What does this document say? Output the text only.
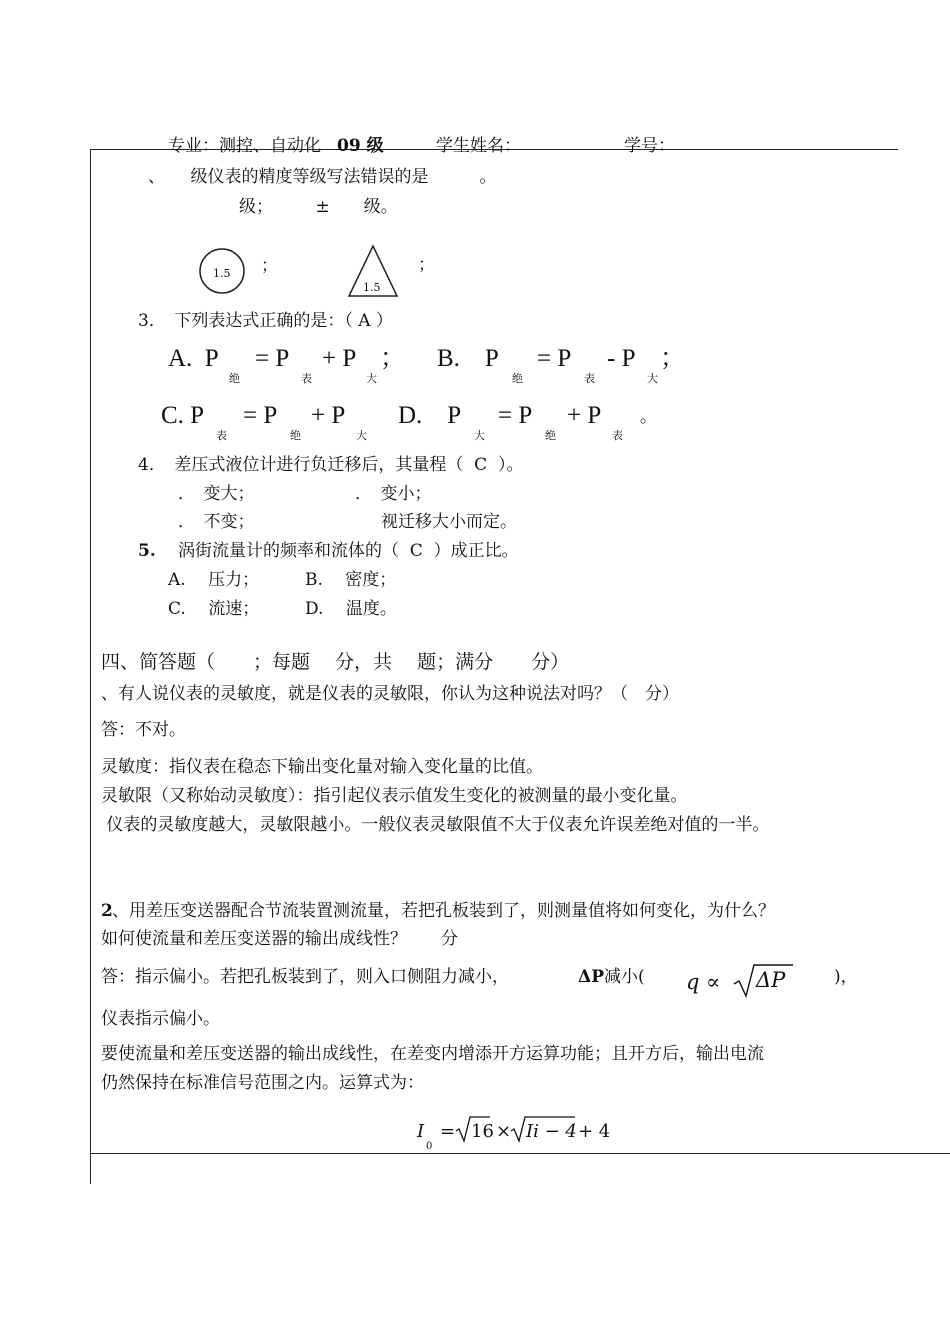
专业：测控、自动化 09 级	学生姓名：	学号：
、　　级仪表的精度等级写法错误的是　　　。
级；　　　±　　级。
1.5 ；
1.5
；
3．　下列表达式正确的是：（ A ）
A.  P
绝
= P
表
+ P
大
； B.    P
绝
= P
表
- P
大
；
C. P
表
= P
绝
+ P
大
D.    P
大
= P
绝
+ P
表
。
4．　差压式液位计进行负迁移后，其量程（  C  ）。
．　变大；	．　变小；
．　不变；	视迁移大小而定。
5. 涡街流量计的频率和流体的（  C  ）成正比。
A.　 压力；	B.　 密度；
C.　 流速；	D.　 温度。
四、简答题（　　；每题　 分，共　 题；满分　　分）
、有人说仪表的灵敏度，就是仪表的灵敏限，你认为这种说法对吗？（　分）
答：不对。
灵敏度：指仪表在稳态下输出变化量对输入变化量的比值。
灵敏限（又称始动灵敏度）：指引起仪表示值发生变化的被测量的最小变化量。
仪表的灵敏度越大，灵敏限越小。一般仪表灵敏限值不大于仪表允许误差绝对值的一半。
2 、用差压变送器配合节流装置测流量，若把孔板装到了，则测量值将如何变化，为什么？
如何使流量和差压变送器的输出成线性？　　分
答：指示偏小。若把孔板装到了，则入口侧阻力减小，	ΔP 减小( q ∝ ΔP	)，
仪表指示偏小。
要使流量和差压变送器的输出成线性，在差变内增添开方运算功能；且开方后，输出电流
仍然保持在标准信号范围之内。运算式为：
I
0
= 16 × Ii − 4 + 4
